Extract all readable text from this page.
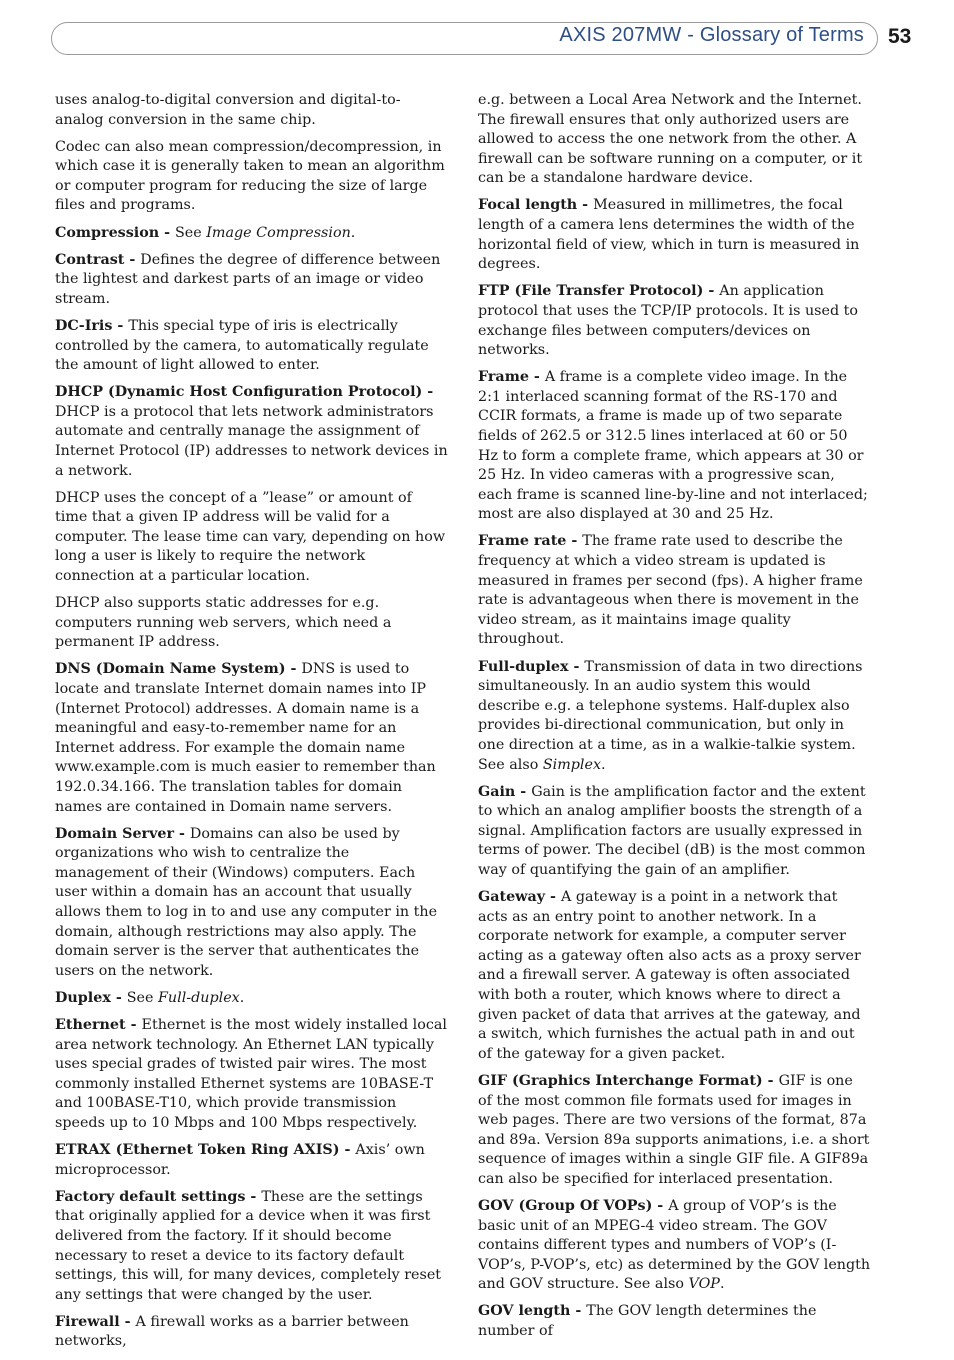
AXIS 207MW - Glossary of Terms 53

uses analog-to-digital conversion and digital-to-analog conversion in the same chip.

Codec can also mean compression/decompression, in which case it is generally taken to mean an algorithm or computer program for reducing the size of large files and programs.

Compression - See Image Compression.

Contrast - Defines the degree of difference between the lightest and darkest parts of an image or video stream.

DC-Iris - This special type of iris is electrically controlled by the camera, to automatically regulate the amount of light allowed to enter.

DHCP (Dynamic Host Configuration Protocol) - DHCP is a protocol that lets network administrators automate and centrally manage the assignment of Internet Protocol (IP) addresses to network devices in a network.

DHCP uses the concept of a ”lease” or amount of time that a given IP address will be valid for a computer. The lease time can vary, depending on how long a user is likely to require the network connection at a particular location.

DHCP also supports static addresses for e.g. computers running web servers, which need a permanent IP address.

DNS (Domain Name System) - DNS is used to locate and translate Internet domain names into IP (Internet Protocol) addresses. A domain name is a meaningful and easy-to-remember name for an Internet address. For example the domain name www.example.com is much easier to remember than 192.0.34.166. The translation tables for domain names are contained in Domain name servers.

Domain Server - Domains can also be used by organizations who wish to centralize the management of their (Windows) computers. Each user within a domain has an account that usually allows them to log in to and use any computer in the domain, although restrictions may also apply. The domain server is the server that authenticates the users on the network.

Duplex - See Full-duplex.

Ethernet - Ethernet is the most widely installed local area network technology. An Ethernet LAN typically uses special grades of twisted pair wires. The most commonly installed Ethernet systems are 10BASE-T and 100BASE-T10, which provide transmission speeds up to 10 Mbps and 100 Mbps respectively.

ETRAX (Ethernet Token Ring AXIS) - Axis’ own microprocessor.

Factory default settings - These are the settings that originally applied for a device when it was first delivered from the factory. If it should become necessary to reset a device to its factory default settings, this will, for many devices, completely reset any settings that were changed by the user.

Firewall - A firewall works as a barrier between networks,

e.g. between a Local Area Network and the Internet. The firewall ensures that only authorized users are allowed to access the one network from the other. A firewall can be software running on a computer, or it can be a standalone hardware device.

Focal length - Measured in millimetres, the focal length of a camera lens determines the width of the horizontal field of view, which in turn is measured in degrees.

FTP (File Transfer Protocol) - An application protocol that uses the TCP/IP protocols. It is used to exchange files between computers/devices on networks.

Frame - A frame is a complete video image. In the 2:1 interlaced scanning format of the RS-170 and CCIR formats, a frame is made up of two separate fields of 262.5 or 312.5 lines interlaced at 60 or 50 Hz to form a complete frame, which appears at 30 or 25 Hz. In video cameras with a progressive scan, each frame is scanned line-by-line and not interlaced; most are also displayed at 30 and 25 Hz.

Frame rate - The frame rate used to describe the frequency at which a video stream is updated is measured in frames per second (fps). A higher frame rate is advantageous when there is movement in the video stream, as it maintains image quality throughout.

Full-duplex - Transmission of data in two directions simultaneously. In an audio system this would describe e.g. a telephone systems. Half-duplex also provides bi-directional communication, but only in one direction at a time, as in a walkie-talkie system. See also Simplex.

Gain - Gain is the amplification factor and the extent to which an analog amplifier boosts the strength of a signal. Amplification factors are usually expressed in terms of power. The decibel (dB) is the most common way of quantifying the gain of an amplifier.

Gateway - A gateway is a point in a network that acts as an entry point to another network. In a corporate network for example, a computer server acting as a gateway often also acts as a proxy server and a firewall server. A gateway is often associated with both a router, which knows where to direct a given packet of data that arrives at the gateway, and a switch, which furnishes the actual path in and out of the gateway for a given packet.

GIF (Graphics Interchange Format) - GIF is one of the most common file formats used for images in web pages. There are two versions of the format, 87a and 89a. Version 89a supports animations, i.e. a short sequence of images within a single GIF file. A GIF89a can also be specified for interlaced presentation.

GOV (Group Of VOPs) - A group of VOP’s is the basic unit of an MPEG-4 video stream. The GOV contains different types and numbers of VOP’s (I-VOP’s, P-VOP’s, etc) as determined by the GOV length and GOV structure. See also VOP.

GOV length - The GOV length determines the number of
